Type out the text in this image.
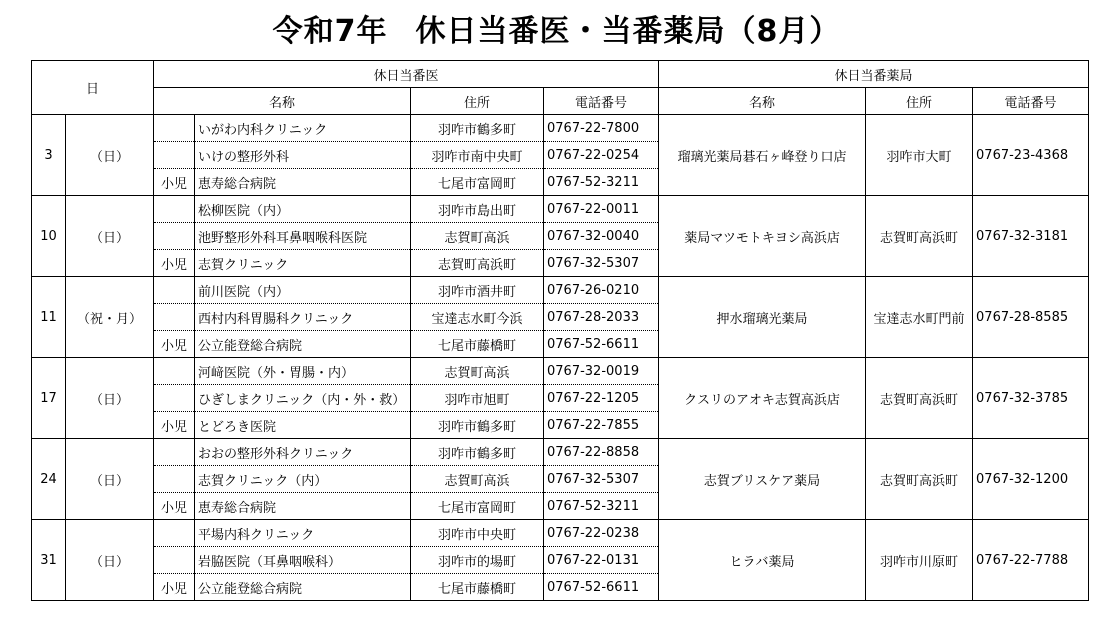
令和7年 休日当番医・当番薬局（8月）
日		休日当番医				休日当番薬局		
		名称		住所	電話番号	名称	住所	電話番号
3	（日）		いがわ内科クリニック	羽咋市鶴多町	0767-22-7800	瑠璃光薬局碁石ヶ峰登り口店	羽咋市大町	0767-23-4368
			いけの整形外科	羽咋市南中央町	0767-22-0254			
		小児	恵寿総合病院	七尾市富岡町	0767-52-3211			
10	（日）		松柳医院（内）	羽咋市島出町	0767-22-0011	薬局マツモトキヨシ高浜店	志賀町高浜町	0767-32-3181
			池野整形外科耳鼻咽喉科医院	志賀町高浜	0767-32-0040			
		小児	志賀クリニック	志賀町高浜町	0767-32-5307			
11	（祝・月）		前川医院（内）	羽咋市酒井町	0767-26-0210	押水瑠璃光薬局	宝達志水町門前	0767-28-8585
			西村内科胃腸科クリニック	宝達志水町今浜	0767-28-2033			
		小児	公立能登総合病院	七尾市藤橋町	0767-52-6611			
17	（日）		河﨑医院（外・胃腸・内）	志賀町高浜	0767-32-0019	クスリのアオキ志賀高浜店	志賀町高浜町	0767-32-3785
			ひぎしまクリニック（内・外・救）	羽咋市旭町	0767-22-1205			
		小児	とどろき医院	羽咋市鶴多町	0767-22-7855			
24	（日）		おおの整形外科クリニック	羽咋市鶴多町	0767-22-8858	志賀ブリスケア薬局	志賀町高浜町	0767-32-1200
			志賀クリニック（内）	志賀町高浜	0767-32-5307			
		小児	恵寿総合病院	七尾市富岡町	0767-52-3211			
31	（日）		平場内科クリニック	羽咋市中央町	0767-22-0238	ヒラバ薬局	羽咋市川原町	0767-22-7788
			岩脇医院（耳鼻咽喉科）	羽咋市的場町	0767-22-0131			
		小児	公立能登総合病院	七尾市藤橋町	0767-52-6611			
